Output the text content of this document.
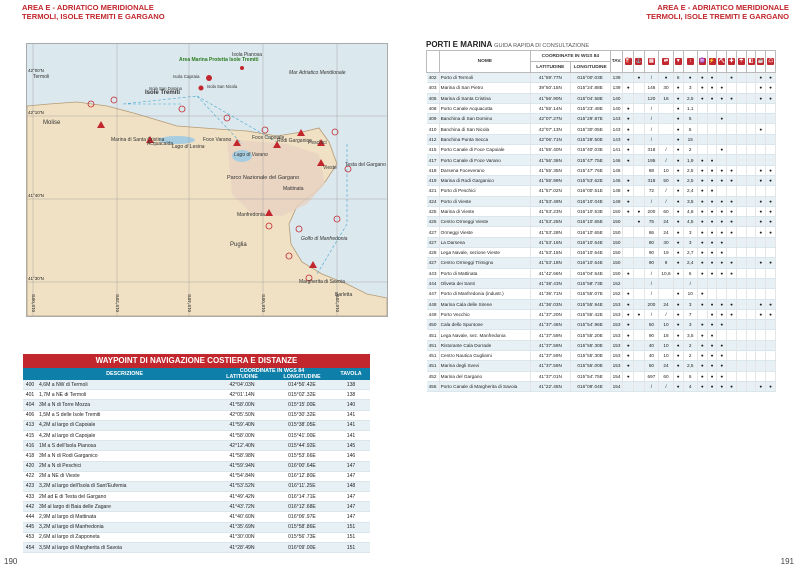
AREA E - ADRIATICO MERIDIONALE
TERMOLI, ISOLE TREMITI E GARGANO
AREA E - ADRIATICO MERIDIONALE
TERMOLI, ISOLE TREMITI E GARGANO
Termoli
Molise
Mar Adriatico Meridionale
Isole Tremiti
Area Marina Protetta Isole Tremiti
Isola Pianosa
Isola Capraia
Isola San Domino	Isola San Nicola
Lago di Lesina
Lago di Varano
Parco Nazionale del Gargano
Puglia
Golfo di Manfredonia
Manfredonia
Vieste
Peschici
Rodi Garganico
Testa del Gargano
Mattinata
Marina di Santa Cristina
Acquacalda
Foce Varano	Foce Capoiale
Margherita di Savoia
Barletta
42°10'N
41°40'N
41°30'N
42°00'N
015°00'E	015°20'E	015°40'E	016°00'E	016°20'E
WAYPOINT DI NAVIGAZIONE COSTIERA E DISTANZE
	DESCRIZIONE	COORDINATE IN WGS 84		TAVOLA
		LATITUDINE	LONGITUDINE	
400	4,6M a NW di Termoli	42°04'.03N	014°56'.42E	138
401	1,7M a NE di Termoli	42°01'.14N	015°02'.32E	138
404	3M a N di Torre Mozza	41°58'.00N	015°15'.00E	140
406	1,5M a S delle Isole Tremiti	42°05'.50N	015°30'.32E	141
413	4,2M al largo di Capoiale	41°59'.40N	015°38'.05E	141
415	4,2M al largo di Capojale	41°58'.00N	015°41'.00E	141
416	1M a S dell'Isola Pianosa	42°12'.40N	015°44'.92E	145
418	3M a N di Rodi Garganico	41°58'.98N	015°53'.66E	146
420	2M a N di Peschici	41°59'.94N	016°00'.64E	147
422	2M a NE di Vieste	41°54'.84N	016°12'.80E	147
423	3,2M al largo dell'Isola di Sant'Eufemia	41°53'.52N	016°11'.25E	148
433	2M ad E di Testa del Gargano	41°49'.42N	016°14'.71E	147
442	3M al largo di Baia delle Zagare	41°43'.72N	016°12'.68E	147
444	2,9M al largo di Mattinata	41°40'.60N	016°06'.97E	147
445	3,2M al largo di Manfredonia	41°35'.69N	015°58'.86E	151
453	2,6M al largo di Zapponeta	41°30'.00N	015°56'.73E	151
454	3,5M al largo di Margherita di Savoia	41°28'.49N	016°09'.00E	151
PORTI E MARINA GUIDA RAPIDA DI CONSULTAZIONE
	NOME	COORDINATE IN WGS 84		TAV.	⛽	⚓	▤	⇄	▼	↕	♒	⚡	⛏	✚	☂	◧	☕	☖
		LATITUDINE	LONGITUDINE															
402	Porto di Termoli	41°59'.77N	015°00'.03E	139		●	/	●	6	●	●	●		●			●	●
403	Marina di San Pietro	39°50'.15N	015°24'.88E	139	●		146	30	●	3	●	●	●				●	●
405	Marina di Santa Cristina	41°56'.90N	015°04'.58E	140			120	16	●	2,5	●	●	●	●			●	●
408	Porto Canale Acquacotta	41°55'.14N	015°23'.48E	140	●		/		●	1,1								
409	Banchina di San Domino	42°07'.27N	015°29'.87E	143	●		/		●	5			●					
410	Banchina di San Nicola	42°07'.13N	015°30'.05E	143	●		/		●	5							●	
412	Banchina Punta Secca	42°06'.71N	015°28'.50E	143	●		/		●	15								
415	Porto Canale di Foce Capoiale	41°55'.40N	015°40'.03E	141	●		318	/	●	2			●					
417	Porto Canale di Foce Varano	41°56'.36N	015°47'.75E	146	●		195	/	●	1,9	●	●						
418	Darsena Foceverano	41°55'.35N	015°47'.76E	146			88	10	●	2,5	●	●	●	●			●	●
419	Marina di Rodi Garganico	41°55'.99N	015°53'.62E	146	●		318	50	●	2,5	●	●	●	●			●	●
421	Porto di Peschici	41°57'.02N	016°00'.51E	148	●		72	/	●	2,4	●	●						
424	Porto di Vieste	41°53'.49N	016°10'.04E	149	●		/	/	●	3,5	●	●	●	●			●	●
425	Marina di Vieste	41°53'.23N	016°10'.53E	150	●	●	200	60	●	4,8	●	●	●	●			●	●
426	Centro Ormeggi Vieste	41°53'.25N	016°10'.65E	150		●	75	24	●	4,5	●	●	●	●			●	●
427	Ormeggi Vieste	41°53'.28N	016°10'.65E	150			86	24	●	3	●	●	●	●			●	●
427	La Darsena	41°53'.16N	016°10'.64E	150			80	30	●	3	●	●	●					
428	Lega Navale, sezione Vieste	41°53'.15N	016°10'.64E	150			90	19	●	2,7	●	●	●					
427	Centro Ormeggi Trimigno	41°53'.18N	016°10'.64E	150			90	9	●	2,4	●	●	●	●			●	●
443	Porto di Mattinata	41°42'.66N	016°04'.54E	150	●		/	10,6	●	6	●	●	●	●				
444	Oliveta dei Santi	41°38'.43N	015°58'.73E	152			/			/								
447	Porto di Manfredonia (industr.)	41°36'.71N	015°55'.07E	152	●		/		●	10	●							
448	Marina Cala delle Sirene	41°36'.03N	015°55'.94E	153	●		200	24	●	3	●	●	●	●			●	●
449	Porto Vecchio	41°37'.20N	015°55'.42E	153	●	●	/	/	●	7		●	●	●			●	●
450	Cala dello Spuntone	41°37'.46N	015°54'.96E	153	●		50	10	●	3	●	●	●					
451	Lega Navale, sez. Manfredonia	41°37'.59N	015°55'.20E	153	●		90	18	●	3,5	●	●						
451	Ristorante Cala Dorrade	41°37'.59N	015°55'.30E	153	●		40	10	●	2	●	●	●					
451	Centro Nautica Gugliami	41°37'.59N	015°55'.30E	153	●		40	10	●	2	●	●	●					
451	Marina degli Svevi	41°37'.59N	015°55'.00E	153	●		50	24	●	2,5	●	●	●					
452	Marina del Gargano	41°37'.01N	015°54'.75E	154	●		697	60	●	6	●	●	●					
455	Porto Canale di Margherita di Savoia	41°22'.45N	016°08'.04E	154			/	/	●	4	●	●	●	●			●	●
190	191
